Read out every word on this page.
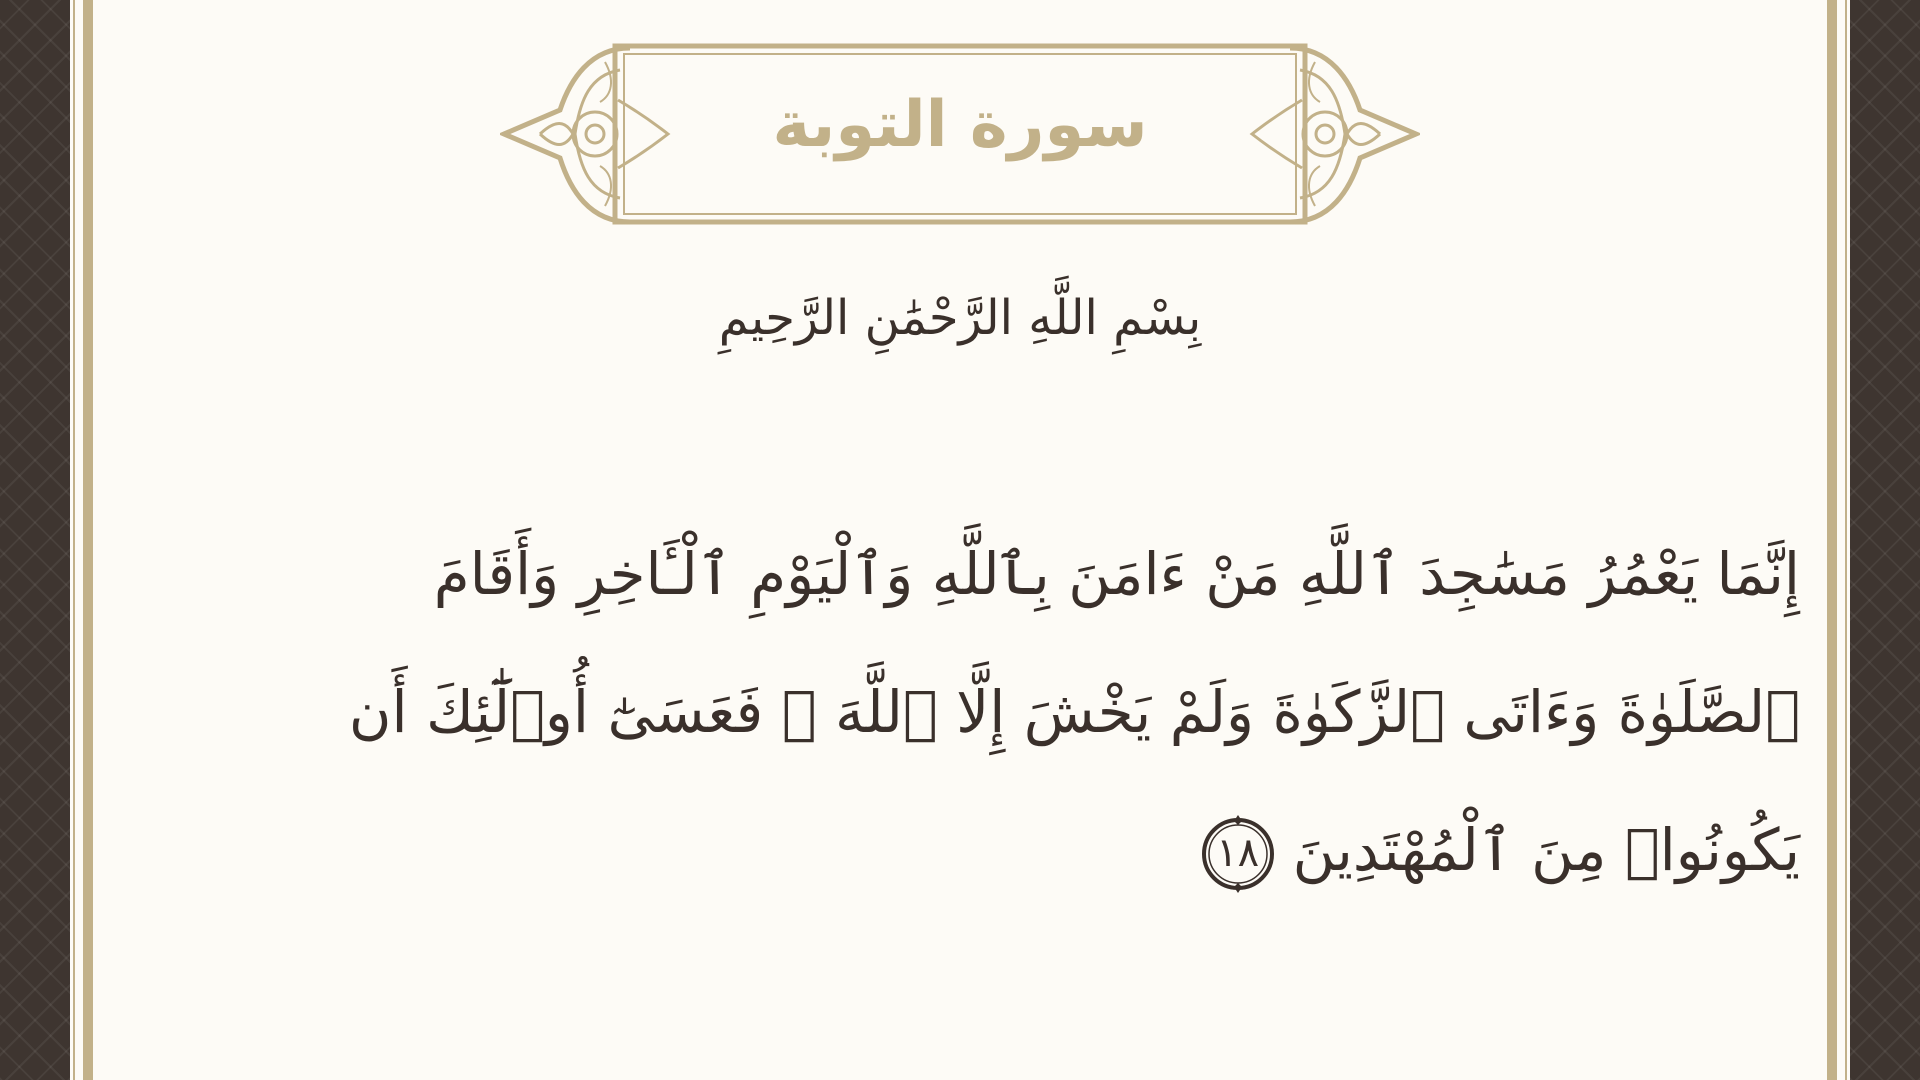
سورة التوبة
بِسْمِ اللَّهِ الرَّحْمَٰنِ الرَّحِيمِ
إِنَّمَا يَعْمُرُ مَسَٰجِدَ ٱللَّهِ مَنْ ءَامَنَ بِٱللَّهِ وَٱلْيَوْمِ ٱلْـَٔاخِرِ وَأَقَامَ
ٱلصَّلَوٰةَ وَءَاتَى ٱلزَّكَوٰةَ وَلَمْ يَخْشَ إِلَّا ٱللَّهَ ۖ فَعَسَىٰٓ أُو۟لَٰٓئِكَ أَن
يَكُونُوا۟ مِنَ ٱلْمُهْتَدِينَ
١٨
